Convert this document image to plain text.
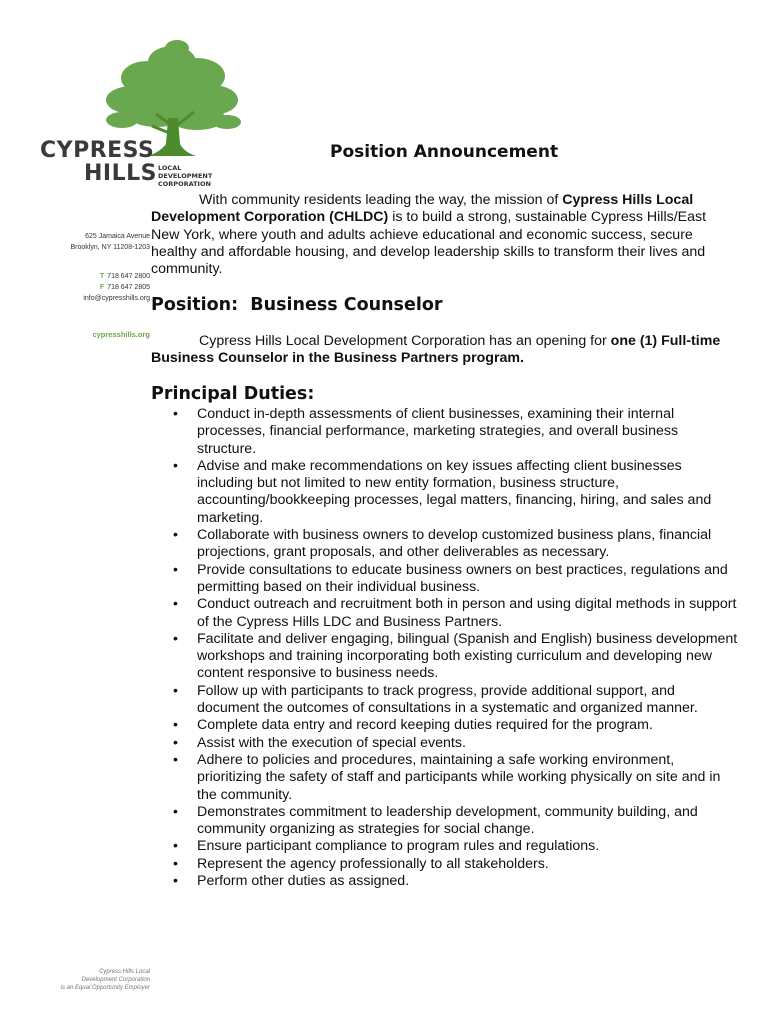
CYPRESS
HILLS LOCAL
DEVELOPMENT
CORPORATION
625 Jamaica Avenue
Brooklyn, NY 11208-1203
T 718 647 2800
F 718 647 2805
info@cypresshills.org
cypresshills.org
Position Announcement

With community residents leading the way, the mission of Cypress Hills Local Development Corporation (CHLDC) is to build a strong, sustainable Cypress Hills/East New York, where youth and adults achieve educational and economic success, secure healthy and affordable housing, and develop leadership skills to transform their lives and community.

Position:  Business Counselor

Cypress Hills Local Development Corporation has an opening for one (1) Full-time Business Counselor in the Business Partners program.

Principal Duties:
• Conduct in-depth assessments of client businesses, examining their internal processes, financial performance, marketing strategies, and overall business structure.
• Advise and make recommendations on key issues affecting client businesses including but not limited to new entity formation, business structure, accounting/bookkeeping processes, legal matters, financing, hiring, and sales and marketing.
• Collaborate with business owners to develop customized business plans, financial projections, grant proposals, and other deliverables as necessary.
• Provide consultations to educate business owners on best practices, regulations and permitting based on their individual business.
• Conduct outreach and recruitment both in person and using digital methods in support of the Cypress Hills LDC and Business Partners.
• Facilitate and deliver engaging, bilingual (Spanish and English) business development workshops and training incorporating both existing curriculum and developing new content responsive to business needs.
• Follow up with participants to track progress, provide additional support, and document the outcomes of consultations in a systematic and organized manner.
• Complete data entry and record keeping duties required for the program.
• Assist with the execution of special events.
• Adhere to policies and procedures, maintaining a safe working environment, prioritizing the safety of staff and participants while working physically on site and in the community.
• Demonstrates commitment to leadership development, community building, and community organizing as strategies for social change.
• Ensure participant compliance to program rules and regulations.
• Represent the agency professionally to all stakeholders.
• Perform other duties as assigned.
Cypress Hills Local
Development Corporation
is an Equal Opportunity Employer
